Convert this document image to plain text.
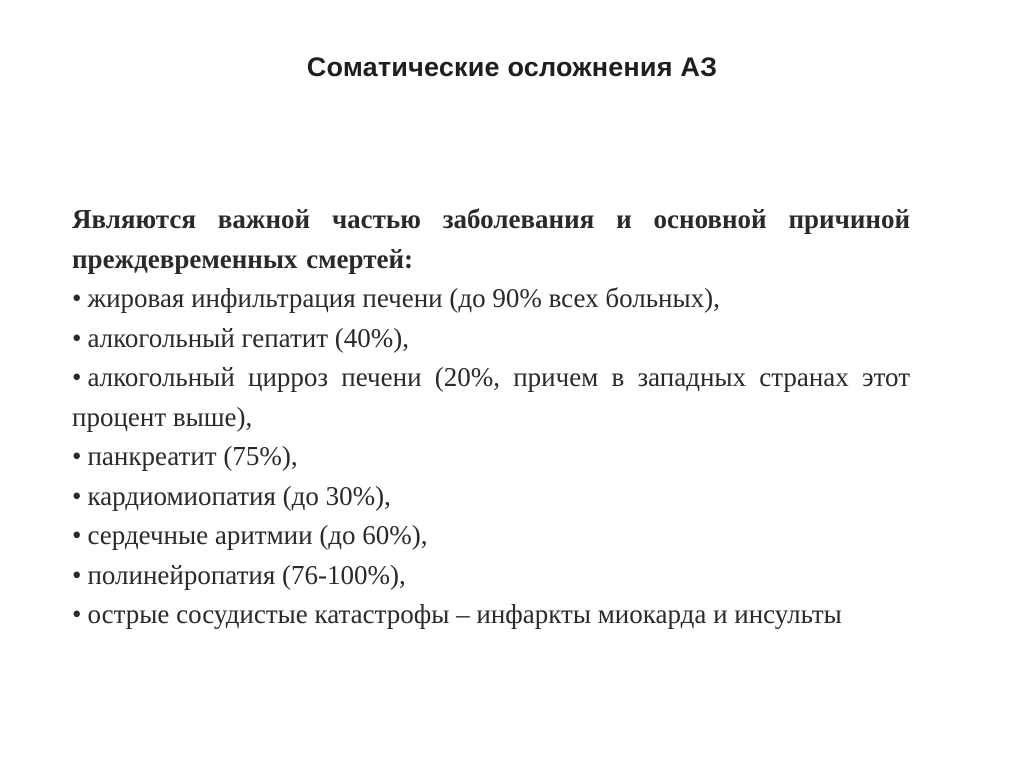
Соматические осложнения АЗ

Являются важной частью заболевания и основной причиной преждевременных смертей:

• жировая инфильтрация печени (до 90% всех больных),

• алкогольный гепатит (40%),

• алкогольный цирроз печени (20%, причем в западных странах этот процент выше),

• панкреатит (75%),

• кардиомиопатия (до 30%),

• сердечные аритмии (до 60%),

• полинейропатия (76-100%),

• острые сосудистые катастрофы – инфаркты миокарда и инсульты
